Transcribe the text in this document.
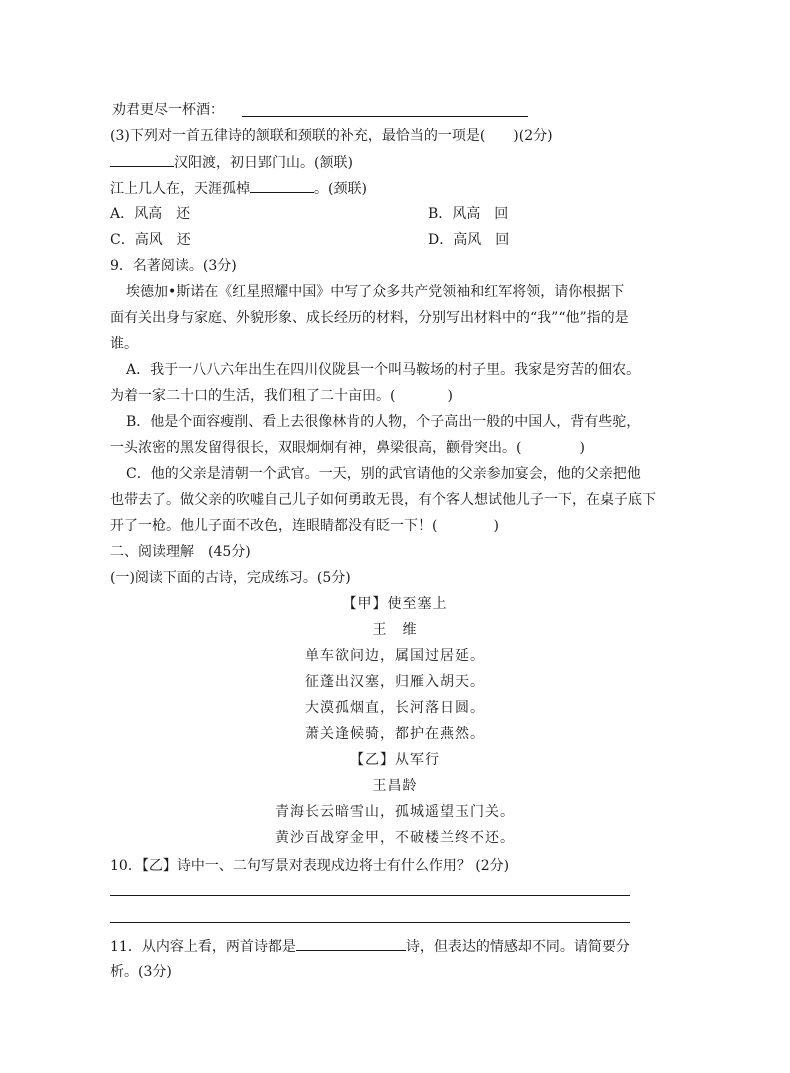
劝君更尽一杯酒：
(3)下列对一首五律诗的颔联和颈联的补充，最恰当的一项是(　　)(2分)
汉阳渡，初日郢门山。(颔联)
江上几人在，天涯孤棹	。(颈联)
A．风高　还	B．风高　回
C．高风　还	D．高风　回
9．名著阅读。(3分)
埃德加•斯诺在《红星照耀中国》中写了众多共产党领袖和红军将领，请你根据下
面有关出身与家庭、外貌形象、成长经历的材料，分别写出材料中的“我”“他”指的是
谁。
A．我于一八八六年出生在四川仪陇县一个叫马鞍场的村子里。我家是穷苦的佃农。
为着一家二十口的生活，我们租了二十亩田。(	)
B．他是个面容瘦削、看上去很像林肯的人物，个子高出一般的中国人，背有些驼，
一头浓密的黑发留得很长，双眼炯炯有神，鼻梁很高，颧骨突出。(	)
C．他的父亲是清朝一个武官。一天，别的武官请他的父亲参加宴会，他的父亲把他
也带去了。做父亲的吹嘘自己儿子如何勇敢无畏，有个客人想试他儿子一下，在桌子底下
开了一枪。他儿子面不改色，连眼睛都没有眨一下！(	)
二、阅读理解　(45分)
(一)阅读下面的古诗，完成练习。(5分)
【甲】使至塞上
王　维
单车欲问边，属国过居延。
征蓬出汉塞，归雁入胡天。
大漠孤烟直，长河落日圆。
萧关逢候骑，都护在燕然。
【乙】从军行
王昌龄
青海长云暗雪山，孤城遥望玉门关。
黄沙百战穿金甲，不破楼兰终不还。
10．【乙】诗中一、二句写景对表现戍边将士有什么作用？ (2分)
11．从内容上看，两首诗都是	诗，但表达的情感却不同。请简要分
析。(3分)
